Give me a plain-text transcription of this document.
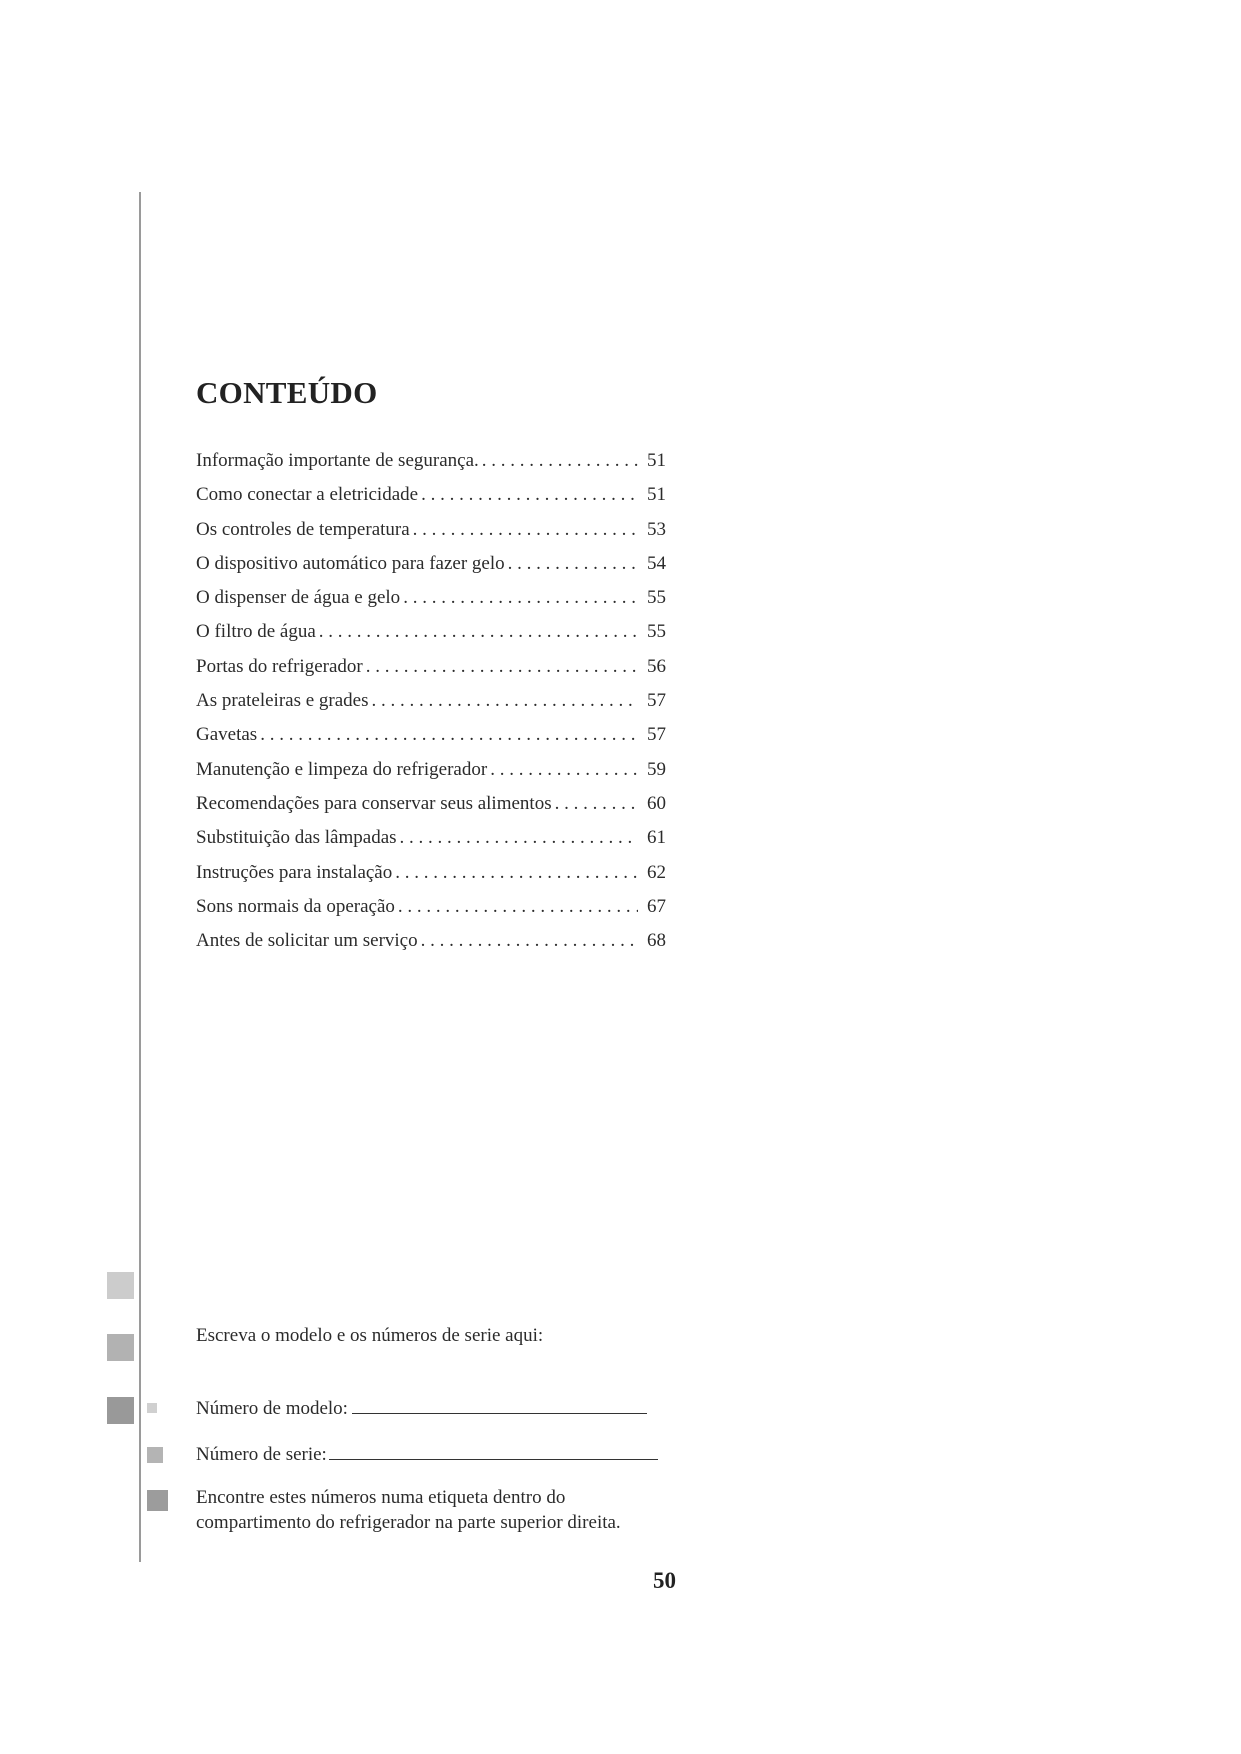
CONTEÚDO
Informação importante de segurança. . . .	51
Como conectar a eletricidade . . .	51
Os controles de temperatura . . .	53
O dispositivo automático para fazer gelo . . .	54
O dispenser de água e gelo . . .	55
O filtro de água . . .	55
Portas do refrigerador . . .	56
As prateleiras e grades . . .	57
Gavetas . . .	57
Manutenção e limpeza do refrigerador . . .	59
Recomendações para conservar seus alimentos . . .	60
Substituição das lâmpadas . . .	61
Instruções para instalação . . .	62
Sons normais da operação . . .	67
Antes de solicitar um serviço . . .	68

Escreva o modelo e os números de serie aqui:

Número de modelo:
Número de serie:

Encontre estes números numa etiqueta dentro do compartimento do refrigerador na parte superior direita.

50
